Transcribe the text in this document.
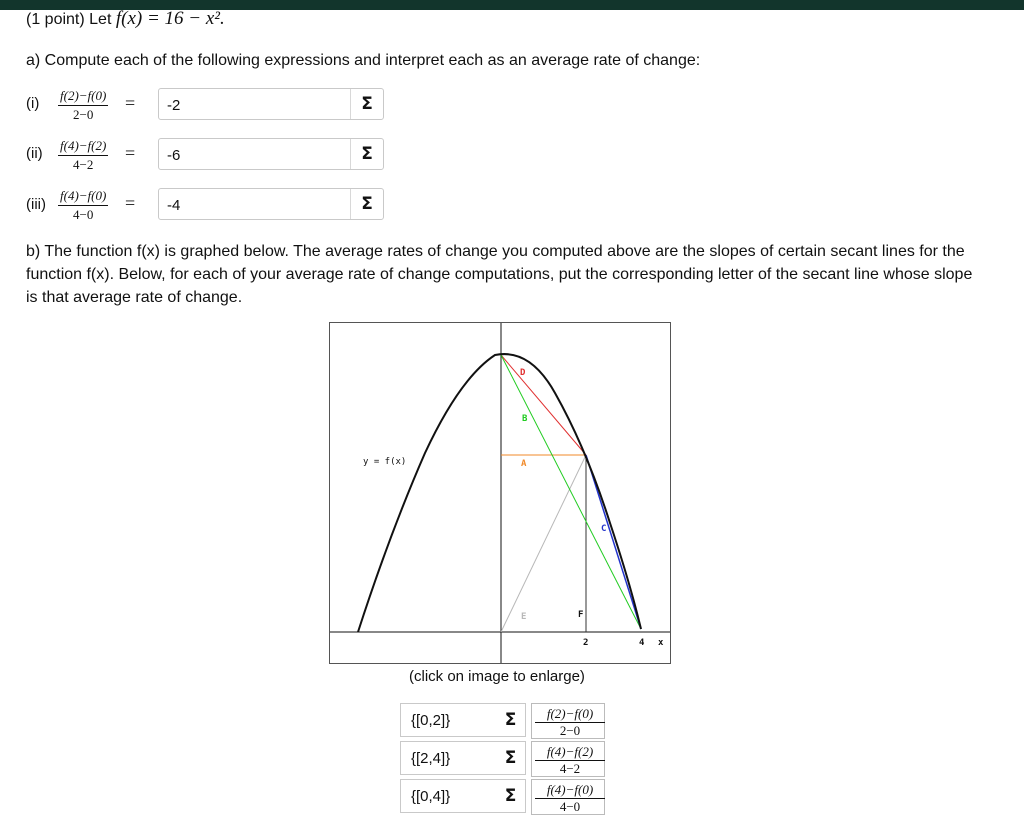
(1 point) Let f(x) = 16 − x².
a) Compute each of the following expressions and interpret each as an average rate of change:
$(i) \frac{f(2)-f(0)}{2-0}$ =
-2	Σ
$(ii) \frac{f(4)-f(2)}{4-2}$ =
-6	Σ
$(iii) \frac{f(4)-f(0)}{4-0}$ =
-4	Σ
b) The function f(x) is graphed below. The average rates of change you computed above are the slopes of certain secant lines for the function f(x). Below, for each of your average rate of change computations, put the corresponding letter of the secant line whose slope is that average rate of change.
y = f(x)
D
B
A
C
E	F
2	4 x
(click on image to enlarge)
{[0,2]}	Σ	$\frac{f(2)-f(0)}{2-0}$
{[2,4]}	Σ	$\frac{f(4)-f(2)}{4-2}$
{[0,4]}	Σ	$\frac{f(4)-f(0)}{4-0}$
